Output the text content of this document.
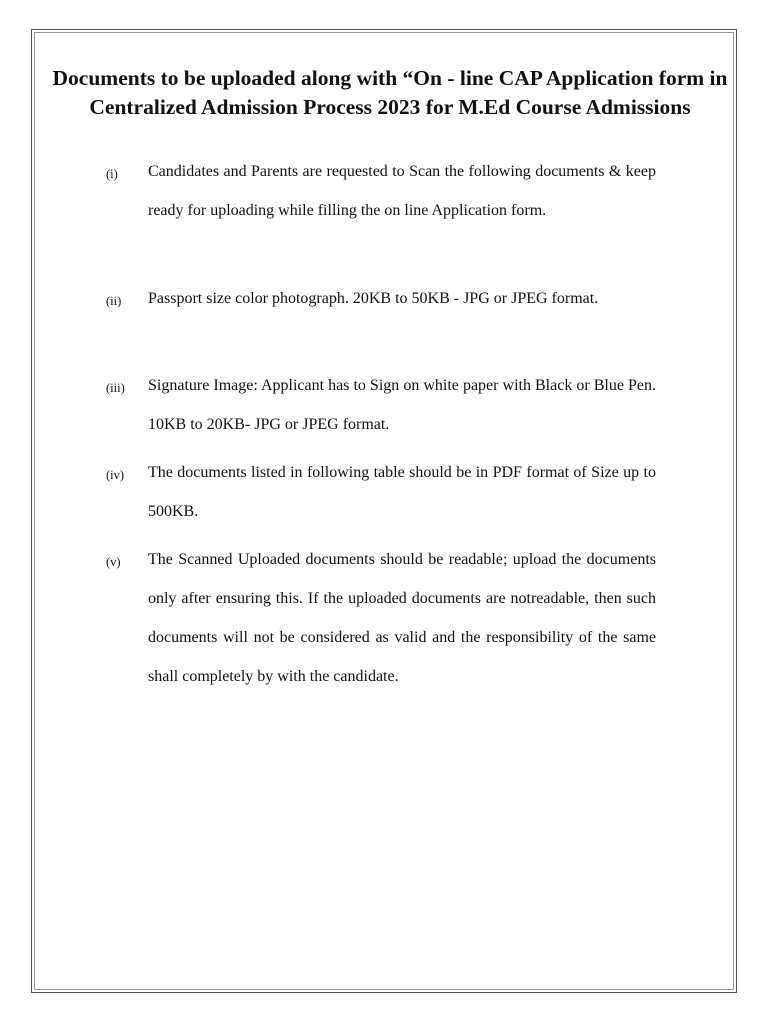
Documents to be uploaded along with “On - line CAP Application form in Centralized Admission Process 2023 for M.Ed Course Admissions
(i) Candidates and Parents are requested to Scan the following documents & keep ready for uploading while filling the on line Application form.

(ii) Passport size color photograph. 20KB to 50KB - JPG or JPEG format.

(iii) Signature Image: Applicant has to Sign on white paper with Black or Blue Pen. 10KB to 20KB- JPG or JPEG format.

(iv) The documents listed in following table should be in PDF format of Size up to 500KB.

(v) The Scanned Uploaded documents should be readable; upload the documents only after ensuring this. If the uploaded documents are notreadable, then such documents will not be considered as valid and the responsibility of the same shall completely by with the candidate.
